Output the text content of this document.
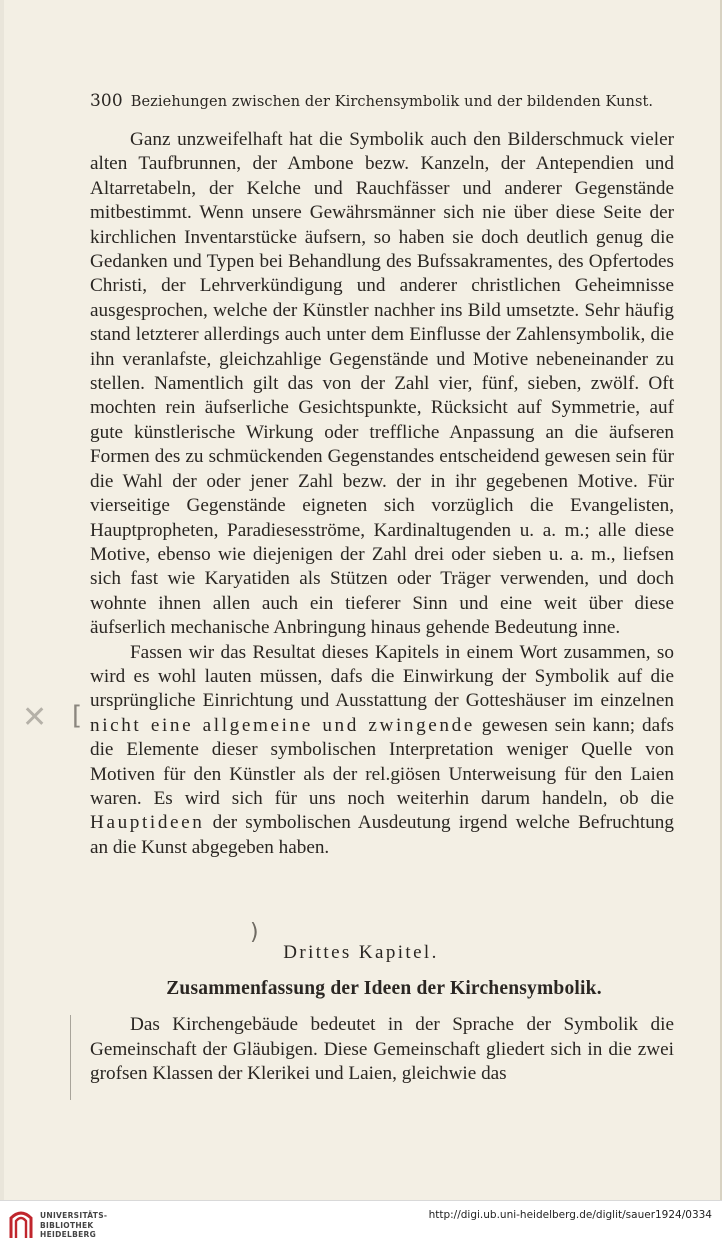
300 Beziehungen zwischen der Kirchensymbolik und der bildenden Kunst.

Ganz unzweifelhaft hat die Symbolik auch den Bilderschmuck vieler alten Taufbrunnen, der Ambone bezw. Kanzeln, der Antependien und Altarretabeln, der Kelche und Rauchfässer und anderer Gegenstände mitbestimmt. Wenn unsere Gewährsmänner sich nie über diese Seite der kirchlichen Inventarstücke äufsern, so haben sie doch deutlich genug die Gedanken und Typen bei Behandlung des Bufssakramentes, des Opfertodes Christi, der Lehrverkündigung und anderer christlichen Geheimnisse ausgesprochen, welche der Künstler nachher ins Bild umsetzte. Sehr häufig stand letzterer allerdings auch unter dem Einflusse der Zahlensymbolik, die ihn veranlafste, gleichzahlige Gegenstände und Motive nebeneinander zu stellen. Namentlich gilt das von der Zahl vier, fünf, sieben, zwölf. Oft mochten rein äufserliche Gesichtspunkte, Rücksicht auf Symmetrie, auf gute künstlerische Wirkung oder treffliche Anpassung an die äufseren Formen des zu schmückenden Gegenstandes entscheidend gewesen sein für die Wahl der oder jener Zahl bezw. der in ihr gegebenen Motive. Für vierseitige Gegenstände eigneten sich vorzüglich die Evangelisten, Hauptpropheten, Paradiesesströme, Kardinaltugenden u. a. m.; alle diese Motive, ebenso wie diejenigen der Zahl drei oder sieben u. a. m., liefsen sich fast wie Karyatiden als Stützen oder Träger verwenden, und doch wohnte ihnen allen auch ein tieferer Sinn und eine weit über diese äufserlich mechanische Anbringung hinaus gehende Bedeutung inne.

Fassen wir das Resultat dieses Kapitels in einem Wort zusammen, so wird es wohl lauten müssen, dafs die Einwirkung der Symbolik auf die ursprüngliche Einrichtung und Ausstattung der Gotteshäuser im einzelnen nicht eine allgemeine und zwingende gewesen sein kann; dafs die Elemente dieser symbolischen Interpretation weniger Quelle von Motiven für den Künstler als der rel.giösen Unterweisung für den Laien waren. Es wird sich für uns noch weiterhin darum handeln, ob die Hauptideen der symbolischen Ausdeutung irgend welche Befruchtung an die Kunst abgegeben haben.

✕ [
)
Drittes Kapitel.
Zusammenfassung der Ideen der Kirchensymbolik.

Das Kirchengebäude bedeutet in der Sprache der Symbolik die Gemeinschaft der Gläubigen. Diese Gemeinschaft gliedert sich in die zwei grofsen Klassen der Klerikei und Laien, gleichwie das

UNIVERSITÄTS-
BIBLIOTHEK
HEIDELBERG
http://digi.ub.uni-heidelberg.de/diglit/sauer1924/0334
